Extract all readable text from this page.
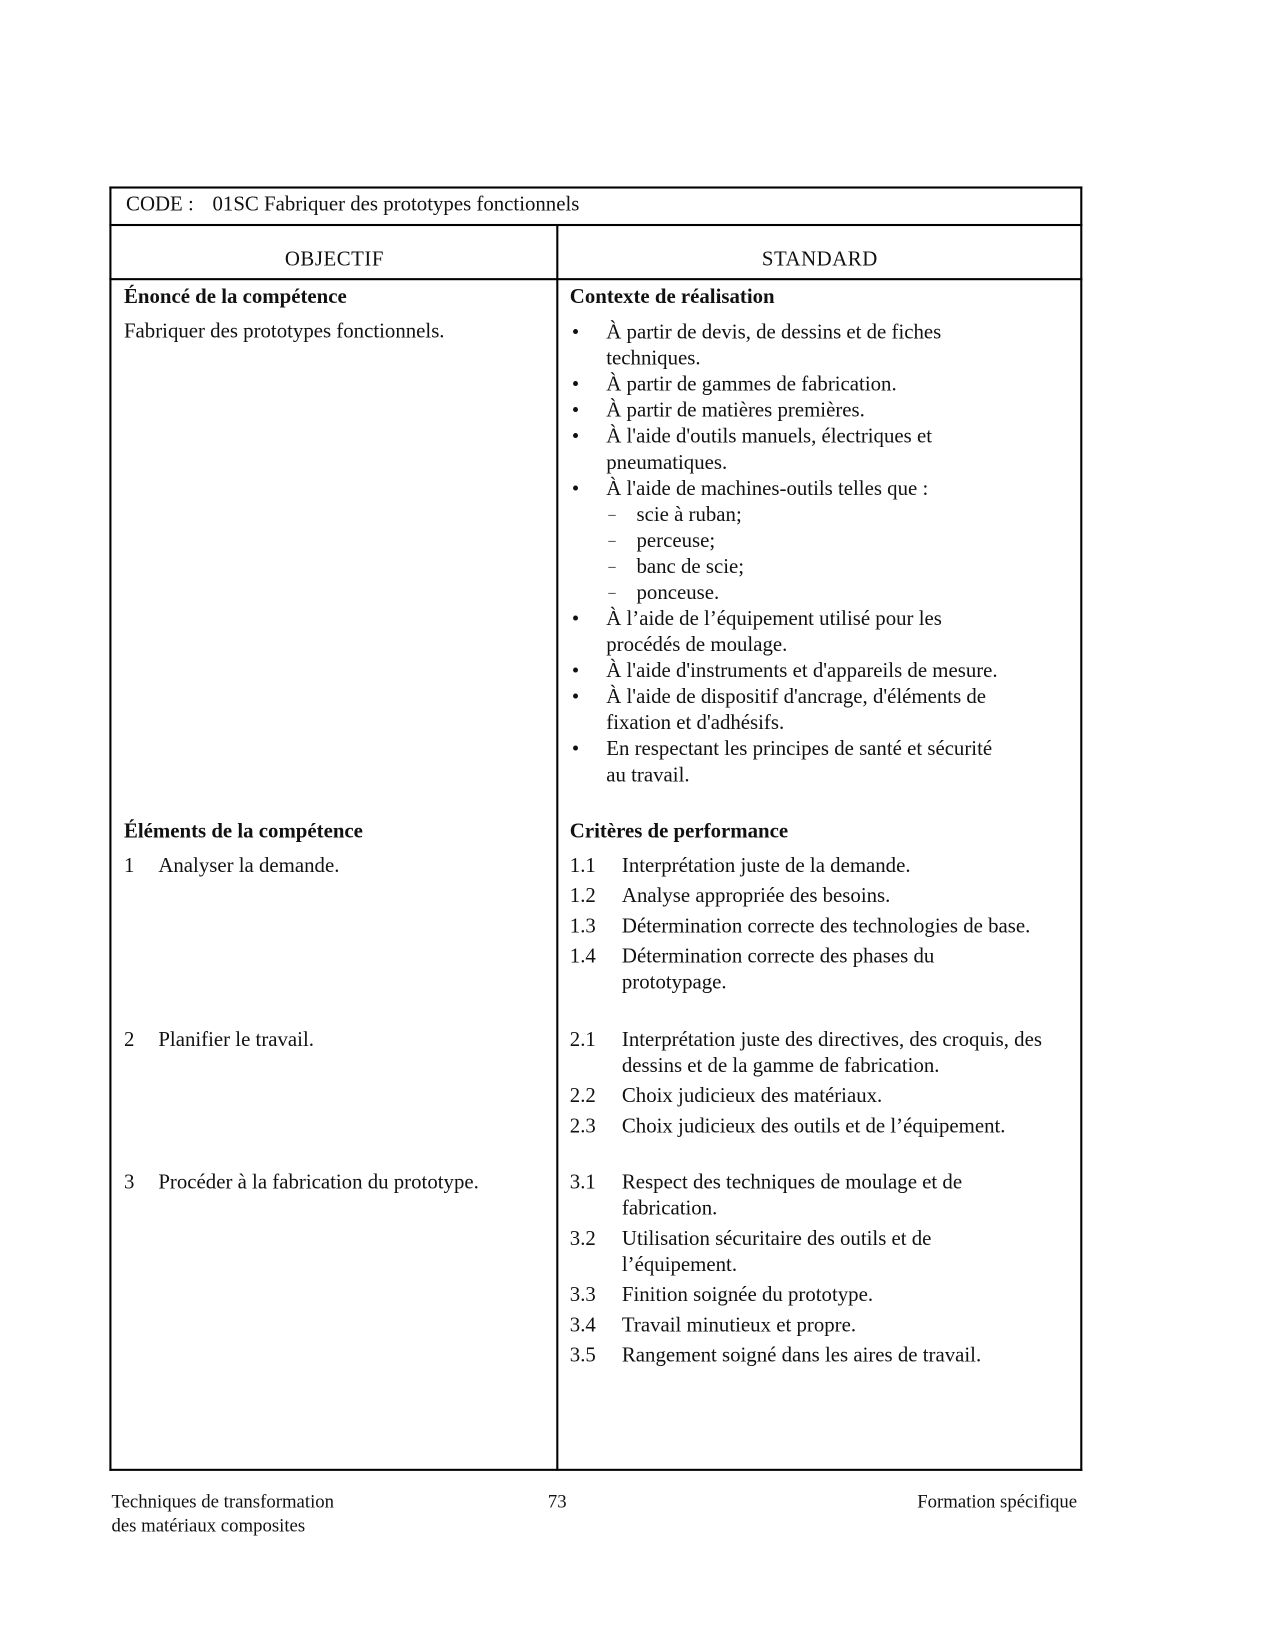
CODE : 01SC Fabriquer des prototypes fonctionnels
OBJECTIF	STANDARD
Énoncé de la compétence
Fabriquer des prototypes fonctionnels.
Éléments de la compétence
1 Analyser la demande.
2 Planifier le travail.
3 Procéder à la fabrication du prototype.
Contexte de réalisation
• À partir de devis, de dessins et de fiches techniques.
• À partir de gammes de fabrication.
• À partir de matières premières.
• À l'aide d'outils manuels, électriques et pneumatiques.
• À l'aide de machines-outils telles que :
– scie à ruban;
– perceuse;
– banc de scie;
– ponceuse.
• À l’aide de l’équipement utilisé pour les procédés de moulage.
• À l'aide d'instruments et d'appareils de mesure.
• À l'aide de dispositif d'ancrage, d'éléments de fixation et d'adhésifs.
• En respectant les principes de santé et sécurité au travail.
Critères de performance
1.1 Interprétation juste de la demande.
1.2 Analyse appropriée des besoins.
1.3 Détermination correcte des technologies de base.
1.4 Détermination correcte des phases du prototypage.
2.1 Interprétation juste des directives, des croquis, des dessins et de la gamme de fabrication.
2.2 Choix judicieux des matériaux.
2.3 Choix judicieux des outils et de l’équipement.
3.1 Respect des techniques de moulage et de fabrication.
3.2 Utilisation sécuritaire des outils et de l’équipement.
3.3 Finition soignée du prototype.
3.4 Travail minutieux et propre.
3.5 Rangement soigné dans les aires de travail.
Techniques de transformation
des matériaux composites
73	Formation spécifique
